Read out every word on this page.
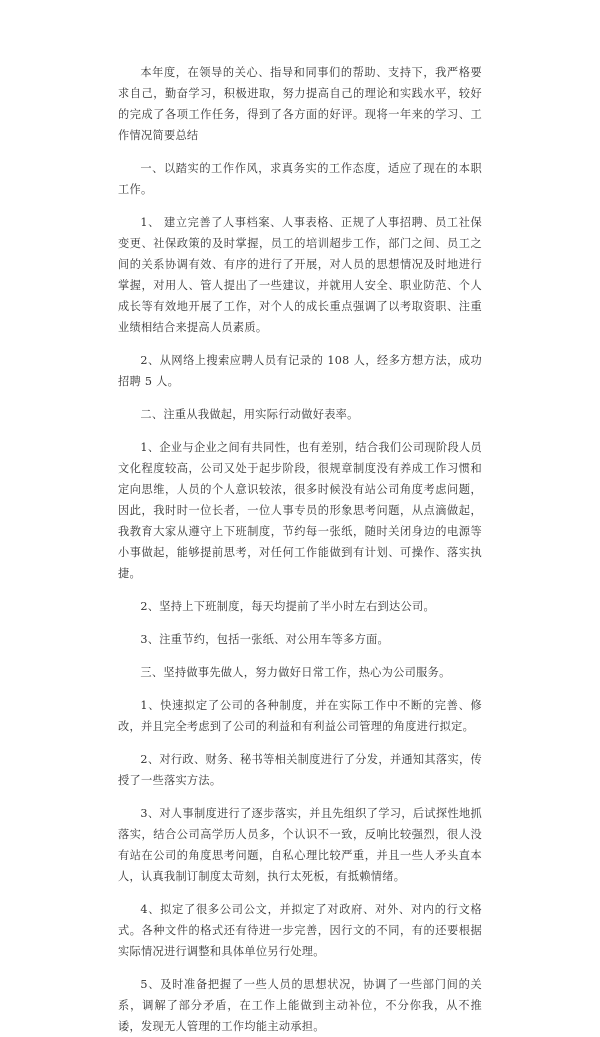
本年度，在领导的关心、指导和同事们的帮助、支持下，我严格要求自己，勤奋学习，积极进取，努力提高自己的理论和实践水平，较好的完成了各项工作任务，得到了各方面的好评。现将一年来的学习、工作情况简要总结

一、以踏实的工作作风，求真务实的工作态度，适应了现在的本职工作。

1、 建立完善了人事档案、人事表格、正规了人事招聘、员工社保变更、社保政策的及时掌握，员工的培训超步工作，部门之间、员工之间的关系协调有效、有序的进行了开展，对人员的思想情况及时地进行掌握，对用人、管人提出了一些建议，并就用人安全、职业防范、个人成长等有效地开展了工作，对个人的成长重点强调了以考取资职、注重业绩相结合来提高人员素质。

2、从网络上搜索应聘人员有记录的 108 人，经多方想方法，成功招聘 5 人。

二、注重从我做起，用实际行动做好表率。

1、企业与企业之间有共同性，也有差别，结合我们公司现阶段人员文化程度较高，公司又处于起步阶段，很规章制度没有养成工作习惯和定向思维，人员的个人意识较浓，很多时候没有站公司角度考虑问题，因此，我时时一位长者，一位人事专员的形象思考问题，从点滴做起，我教育大家从遵守上下班制度，节约每一张纸，随时关闭身边的电源等小事做起，能够提前思考，对任何工作能做到有计划、可操作、落实执捷。

2、坚持上下班制度，每天均提前了半小时左右到达公司。

3、注重节约，包括一张纸、对公用车等多方面。

三、坚持做事先做人，努力做好日常工作，热心为公司服务。

1、快速拟定了公司的各种制度，并在实际工作中不断的完善、修改，并且完全考虑到了公司的利益和有利益公司管理的角度进行拟定。

2、对行政、财务、秘书等相关制度进行了分发，并通知其落实，传授了一些落实方法。

3、对人事制度进行了逐步落实，并且先组织了学习，后试探性地抓落实，结合公司高学历人员多，个认识不一致，反响比较强烈，很人没有站在公司的角度思考问题，自私心理比较严重，并且一些人矛头直本人，认真我制订制度太苛刻，执行太死板，有抵赖情绪。

4、拟定了很多公司公文，并拟定了对政府、对外、对内的行文格式。各种文件的格式还有待进一步完善，因行文的不同，有的还要根据实际情况进行调整和具体单位另行处理。

5、及时准备把握了一些人员的思想状况，协调了一些部门间的关系，调解了部分矛盾，在工作上能做到主动补位，不分你我，从不推诿，发现无人管理的工作均能主动承担。
